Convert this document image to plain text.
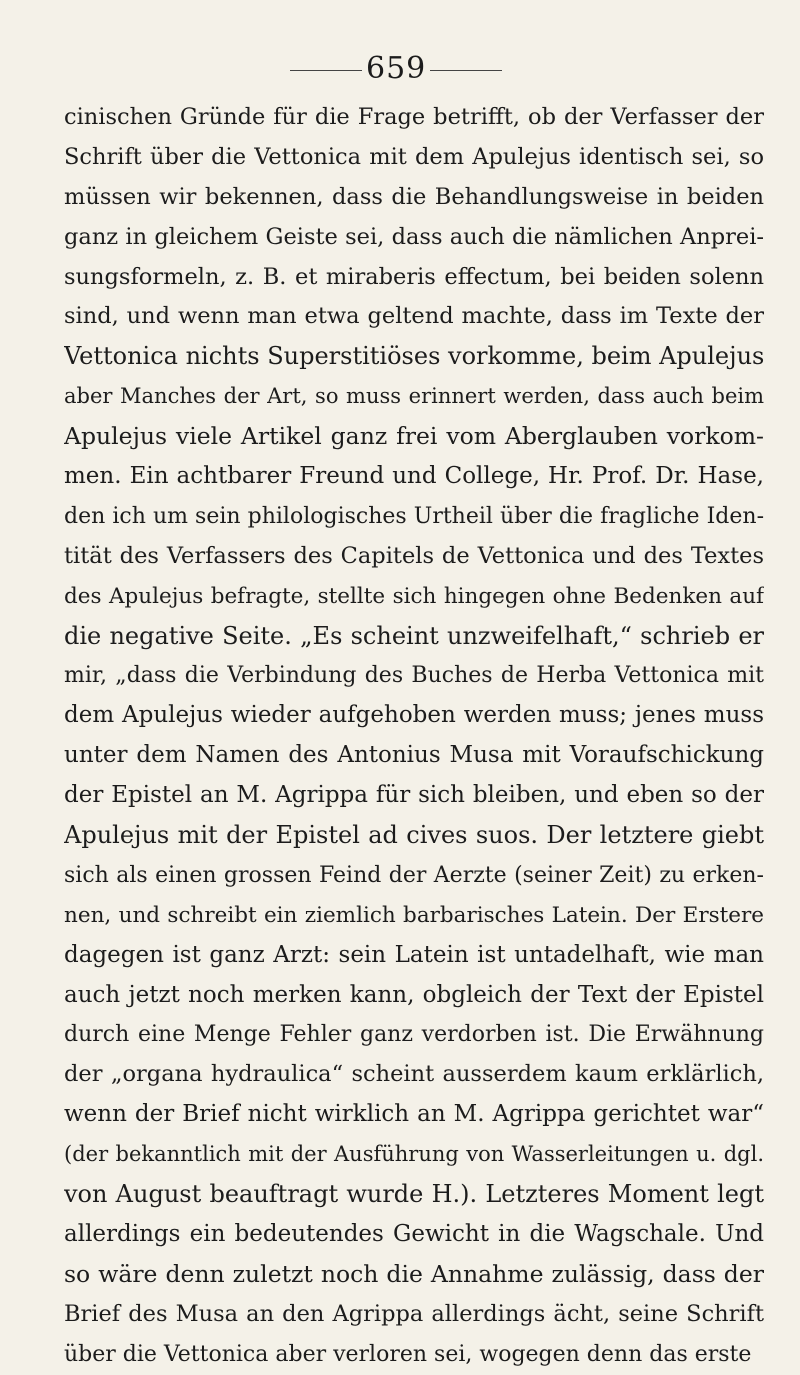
659
cinischen Gründe für die Frage betrifft, ob der Verfasser der
Schrift über die Vettonica mit dem Apulejus identisch sei, so
müssen wir bekennen, dass die Behandlungsweise in beiden
ganz in gleichem Geiste sei, dass auch die nämlichen Anprei-
sungsformeln, z. B. et miraberis effectum, bei beiden solenn
sind, und wenn man etwa geltend machte, dass im Texte der
Vettonica nichts Superstitiöses vorkomme, beim Apulejus
aber Manches der Art, so muss erinnert werden, dass auch beim
Apulejus viele Artikel ganz frei vom Aberglauben vorkom-
men. Ein achtbarer Freund und College, Hr. Prof. Dr. Hase,
den ich um sein philologisches Urtheil über die fragliche Iden-
tität des Verfassers des Capitels de Vettonica und des Textes
des Apulejus befragte, stellte sich hingegen ohne Bedenken auf
die negative Seite. „Es scheint unzweifelhaft,“ schrieb er
mir, „dass die Verbindung des Buches de Herba Vettonica mit
dem Apulejus wieder aufgehoben werden muss; jenes muss
unter dem Namen des Antonius Musa mit Voraufschickung
der Epistel an M. Agrippa für sich bleiben, und eben so der
Apulejus mit der Epistel ad cives suos. Der letztere giebt
sich als einen grossen Feind der Aerzte (seiner Zeit) zu erken-
nen, und schreibt ein ziemlich barbarisches Latein. Der Erstere
dagegen ist ganz Arzt: sein Latein ist untadelhaft, wie man
auch jetzt noch merken kann, obgleich der Text der Epistel
durch eine Menge Fehler ganz verdorben ist. Die Erwähnung
der „organa hydraulica“ scheint ausserdem kaum erklärlich,
wenn der Brief nicht wirklich an M. Agrippa gerichtet war“
(der bekanntlich mit der Ausführung von Wasserleitungen u. dgl.
von August beauftragt wurde H.). Letzteres Moment legt
allerdings ein bedeutendes Gewicht in die Wagschale. Und
so wäre denn zuletzt noch die Annahme zulässig, dass der
Brief des Musa an den Agrippa allerdings ächt, seine Schrift
über die Vettonica aber verloren sei, wogegen denn das erste
